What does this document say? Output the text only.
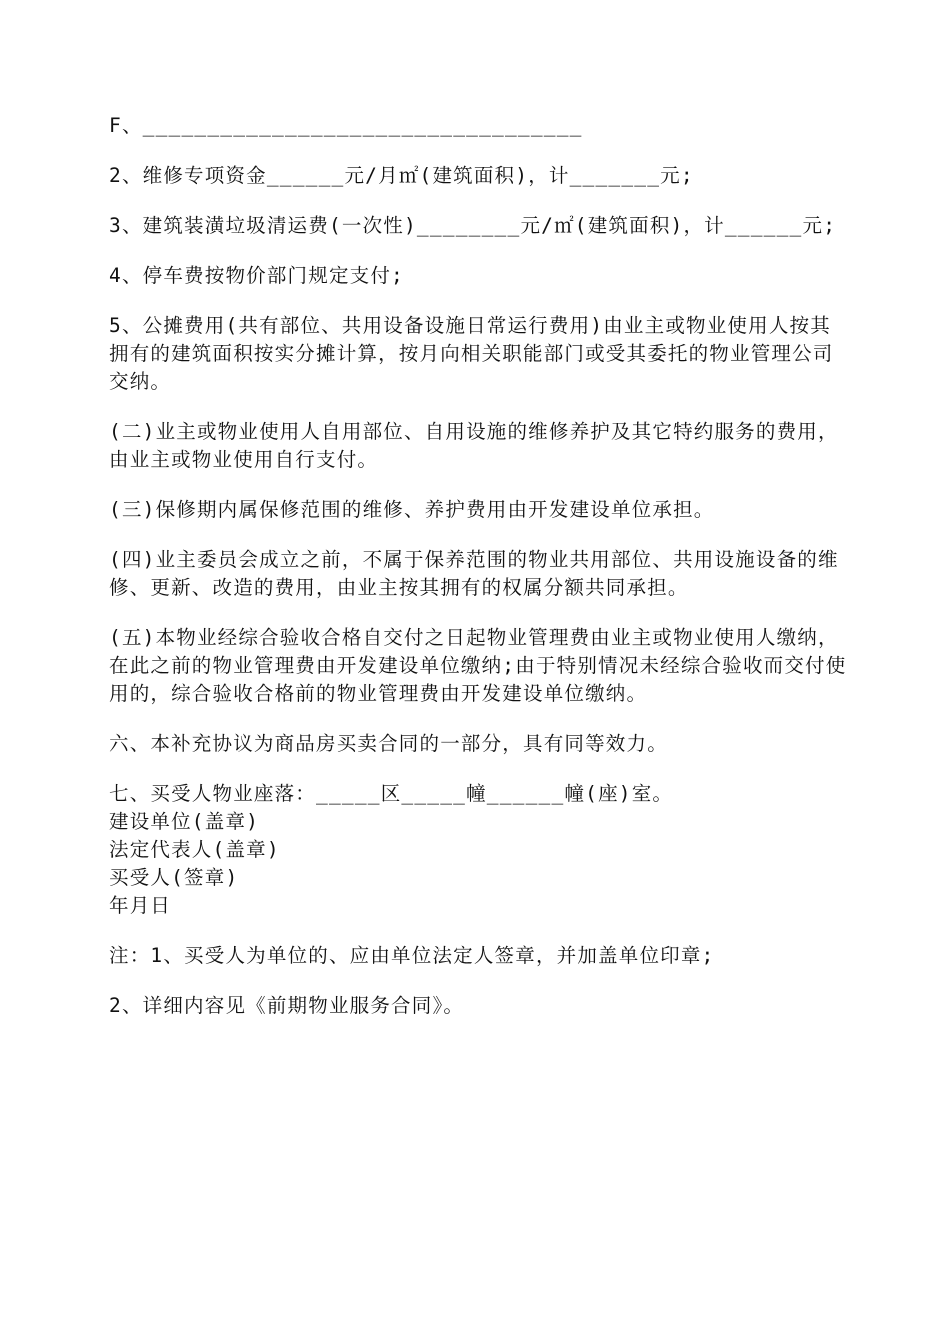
F、__________________________________

2、维修专项资金______元/月㎡(建筑面积)，计_______元;

3、建筑装潢垃圾清运费(一次性)________元/㎡(建筑面积)，计______元;

4、停车费按物价部门规定支付;

5、公摊费用(共有部位、共用设备设施日常运行费用)由业主或物业使用人按其拥有的建筑面积按实分摊计算，按月向相关职能部门或受其委托的物业管理公司交纳。

(二)业主或物业使用人自用部位、自用设施的维修养护及其它特约服务的费用，由业主或物业使用自行支付。

(三)保修期内属保修范围的维修、养护费用由开发建设单位承担。

(四)业主委员会成立之前，不属于保养范围的物业共用部位、共用设施设备的维修、更新、改造的费用，由业主按其拥有的权属分额共同承担。

(五)本物业经综合验收合格自交付之日起物业管理费由业主或物业使用人缴纳，在此之前的物业管理费由开发建设单位缴纳;由于特别情况未经综合验收而交付使用的，综合验收合格前的物业管理费由开发建设单位缴纳。

六、本补充协议为商品房买卖合同的一部分，具有同等效力。

七、买受人物业座落：_____区_____幢______幢(座)室。

建设单位(盖章)

法定代表人(盖章)

买受人(签章)

年月日

注：1、买受人为单位的、应由单位法定人签章，并加盖单位印章;

2、详细内容见《前期物业服务合同》。
